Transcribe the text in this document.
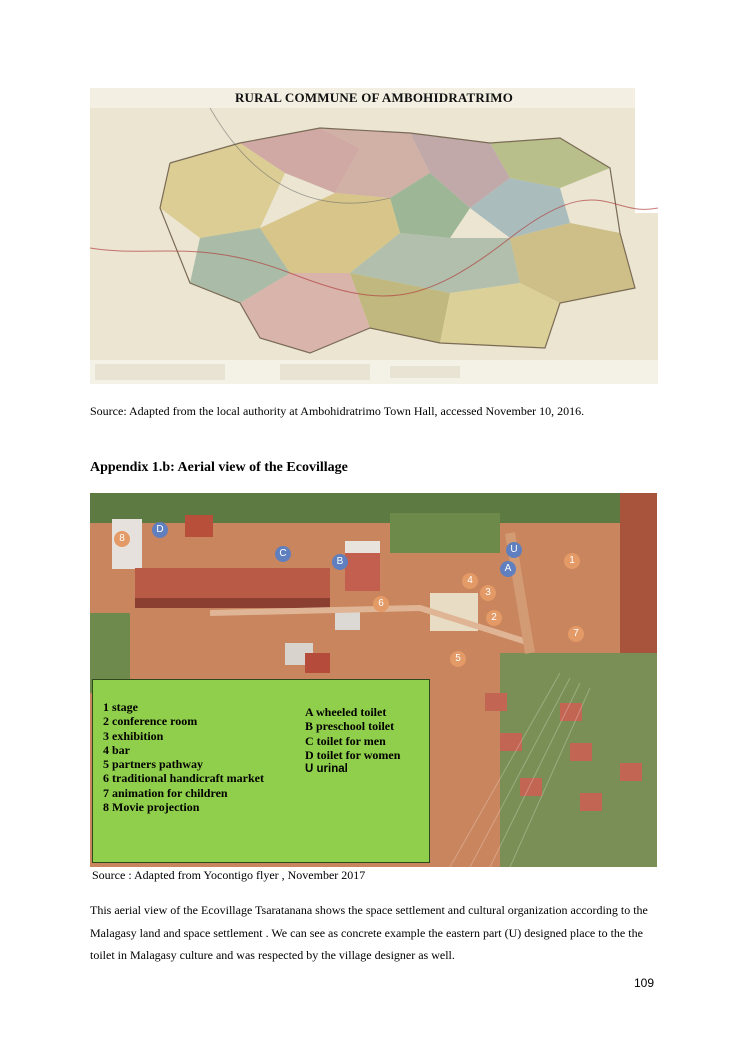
RURAL COMMUNE OF AMBOHIDRATRIMO
Source: Adapted from the local authority at Ambohidratrimo Town Hall, accessed November 10, 2016.
Appendix 1.b: Aerial view of the Ecovillage
8
D
C
B
U
A
1
4
3
6
2
7
5
1 stage
2 conference room
3 exhibition
4 bar
5 partners pathway
6 traditional handicraft market
7 animation for children
8 Movie projection
A wheeled toilet
B preschool toilet
C toilet for men
D toilet for women
U urinal
Source : Adapted from Yocontigo flyer , November 2017
This aerial view of the Ecovillage Tsaratanana shows the space settlement and cultural organization according to the Malagasy land and space settlement . We can see as concrete example the eastern part (U) designed place to the the toilet in Malagasy culture and was respected by the village designer as well.
109
